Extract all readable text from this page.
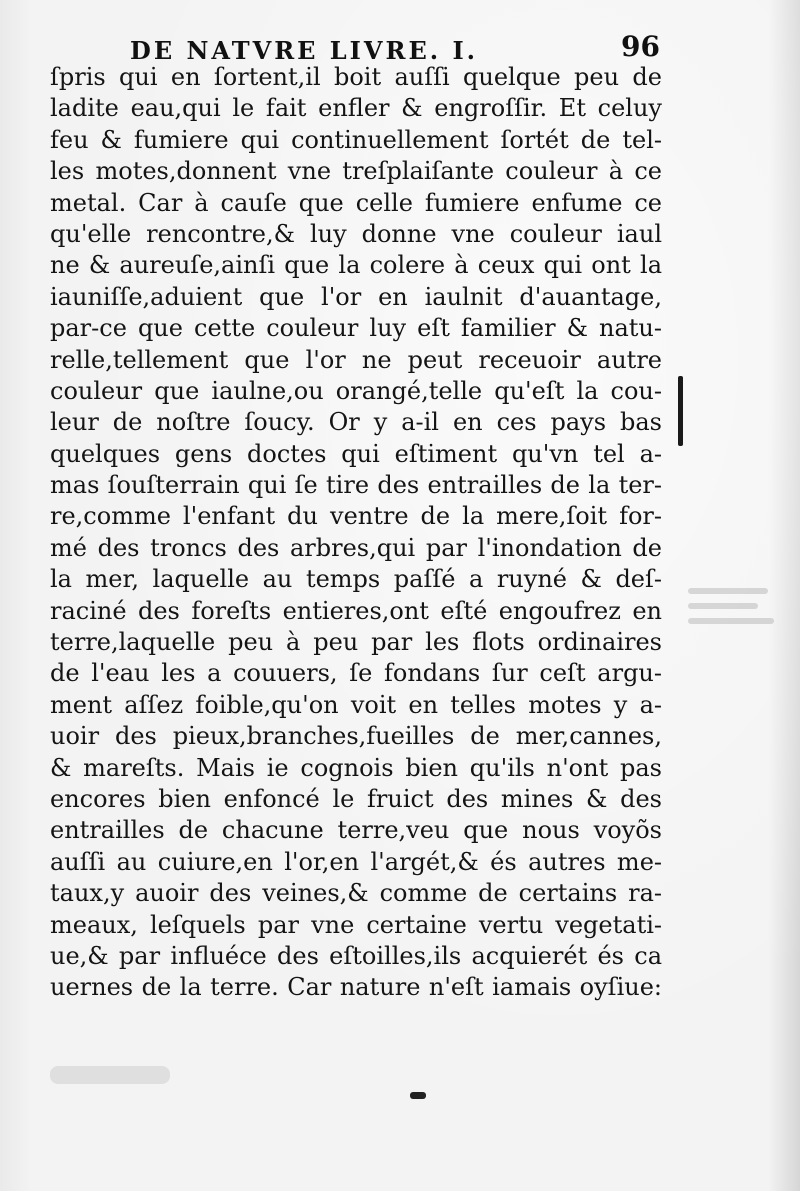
DE NATVRE LIVRE. I.	96
ſpris qui en ſortent,il boit auſſi quelque peu de
ladite eau,qui le fait enfler & engroſſir. Et celuy
feu & fumiere qui continuellement ſortét de tel-
les motes,donnent vne treſplaiſante couleur à ce
metal. Car à cauſe que celle fumiere enfume ce
qu'elle rencontre,& luy donne vne couleur iaul
ne & aureuſe,ainſi que la colere à ceux qui ont la
iauniſſe,aduient que l'or en iaulnit d'auantage,
par-ce que cette couleur luy eſt familier & natu-
relle,tellement que l'or ne peut receuoir autre
couleur que iaulne,ou orangé,telle qu'eſt la cou-
leur de noſtre ſoucy. Or y a-il en ces pays bas
quelques gens doctes qui eſtiment qu'vn tel a-
mas ſouſterrain qui ſe tire des entrailles de la ter-
re,comme l'enfant du ventre de la mere,ſoit for-
mé des troncs des arbres,qui par l'inondation de
la mer, laquelle au temps paſſé a ruyné & deſ-
raciné des foreſts entieres,ont eſté engoufrez en
terre,laquelle peu à peu par les flots ordinaires
de l'eau les a couuers, ſe fondans ſur ceſt argu-
ment aſſez foible,qu'on voit en telles motes y a-
uoir des pieux,branches,fueilles de mer,cannes,
& mareſts. Mais ie cognois bien qu'ils n'ont pas
encores bien enfoncé le fruict des mines & des
entrailles de chacune terre,veu que nous voyõs
auſſi au cuiure,en l'or,en l'argét,& és autres me-
taux,y auoir des veines,& comme de certains ra-
meaux, leſquels par vne certaine vertu vegetati-
ue,& par influéce des eſtoilles,ils acquierét és ca
uernes de la terre. Car nature n'eſt iamais oyſiue:
